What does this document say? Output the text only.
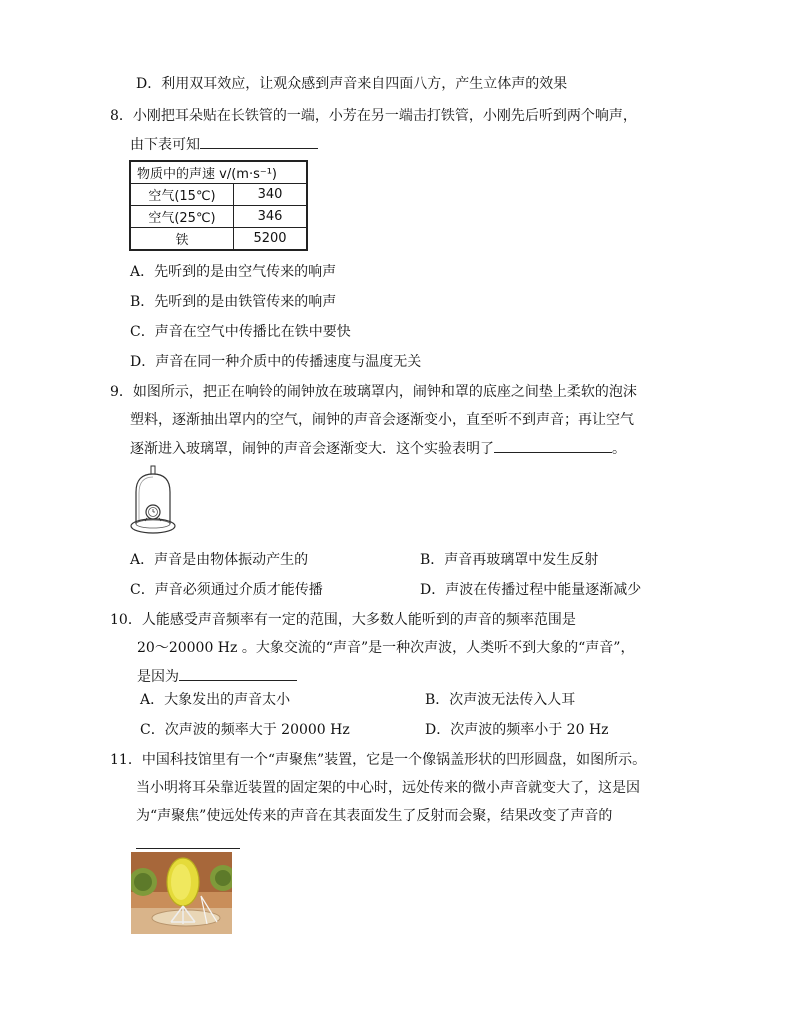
D．利用双耳效应，让观众感到声音来自四面八方，产生立体声的效果
8．小刚把耳朵贴在长铁管的一端，小芳在另一端击打铁管，小刚先后听到两个响声，
由下表可知
物质中的声速 v/(m·s⁻¹)	
空气(15℃)	340
空气(25℃)	346
铁	5200
A．先听到的是由空气传来的响声
B．先听到的是由铁管传来的响声
C．声音在空气中传播比在铁中要快
D．声音在同一种介质中的传播速度与温度无关
9．如图所示，把正在响铃的闹钟放在玻璃罩内，闹钟和罩的底座之间垫上柔软的泡沫
塑料，逐渐抽出罩内的空气，闹钟的声音会逐渐变小，直至听不到声音；再让空气
逐渐进入玻璃罩，闹钟的声音会逐渐变大．这个实验表明了	。
A．声音是由物体振动产生的	B．声音再玻璃罩中发生反射
C．声音必须通过介质才能传播	D．声波在传播过程中能量逐渐减少
10．人能感受声音频率有一定的范围，大多数人能听到的声音的频率范围是
20～20000 Hz 。大象交流的“声音”是一种次声波，人类听不到大象的“声音”，
是因为
A．大象发出的声音太小	B．次声波无法传入人耳
C．次声波的频率大于 20000 Hz	D．次声波的频率小于 20 Hz
11．中国科技馆里有一个“声聚焦”装置，它是一个像锅盖形状的凹形圆盘，如图所示。
当小明将耳朵靠近装置的固定架的中心时，远处传来的微小声音就变大了，这是因
为“声聚焦”使远处传来的声音在其表面发生了反射而会聚，结果改变了声音的
